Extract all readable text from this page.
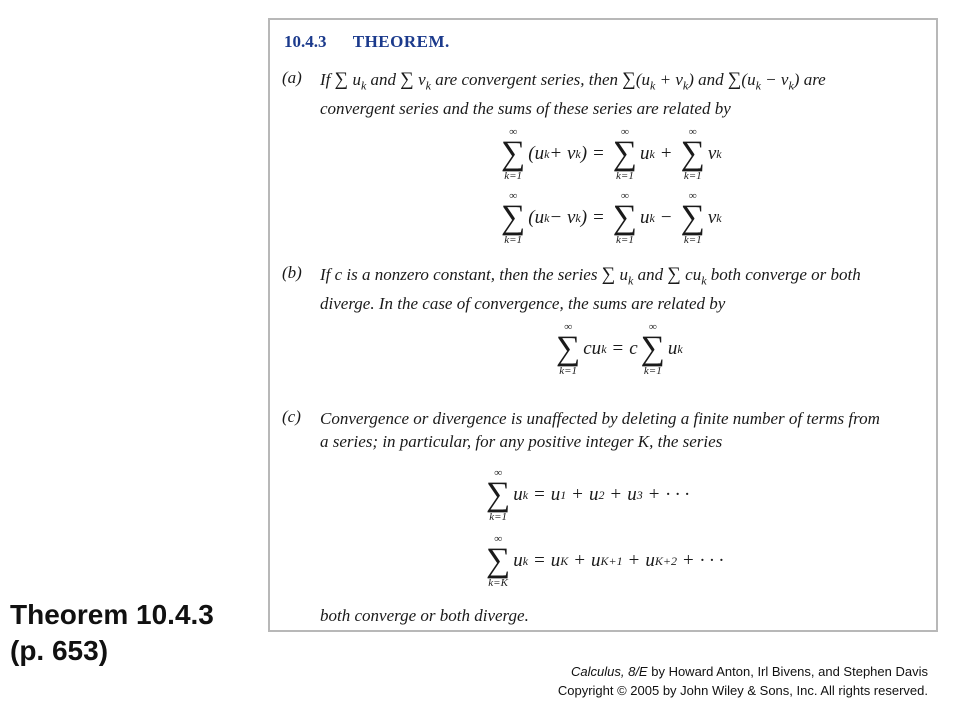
10.4.3 THEOREM.
(a) If ∑ $u_k$ and ∑ $v_k$ are convergent series, then $\sum(u_k + v_k)$ and $\sum(u_k - v_k)$ are
convergent series and the sums of these series are related by
∞
∑
k=1
(u k + v k ) =
∞
∑
k=1
u k +
∞
∑
k=1
v k
∞
∑
k=1
(u k − v k ) =
∞
∑
k=1
u k −
∞
∑
k=1
v k
(b) If c is a nonzero constant, then the series ∑ $u_k$ and ∑ $cu_k$ both converge or both
diverge. In the case of convergence, the sums are related by
∞
∑
k=1
cu k = c
∞
∑
k=1
u k
(c) Convergence or divergence is unaffected by deleting a finite number of terms from
a series; in particular, for any positive integer K, the series
∞
∑
k=1
u k = u 1 + u 2 + u 3 + · · ·
∞
∑
k=K
u k = u K + u K+1 + u K+2 + · · ·
both converge or both diverge.
Theorem 10.4.3
(p. 653)
Calculus, 8/E by Howard Anton, Irl Bivens, and Stephen Davis
Copyright © 2005 by John Wiley & Sons, Inc. All rights reserved.
